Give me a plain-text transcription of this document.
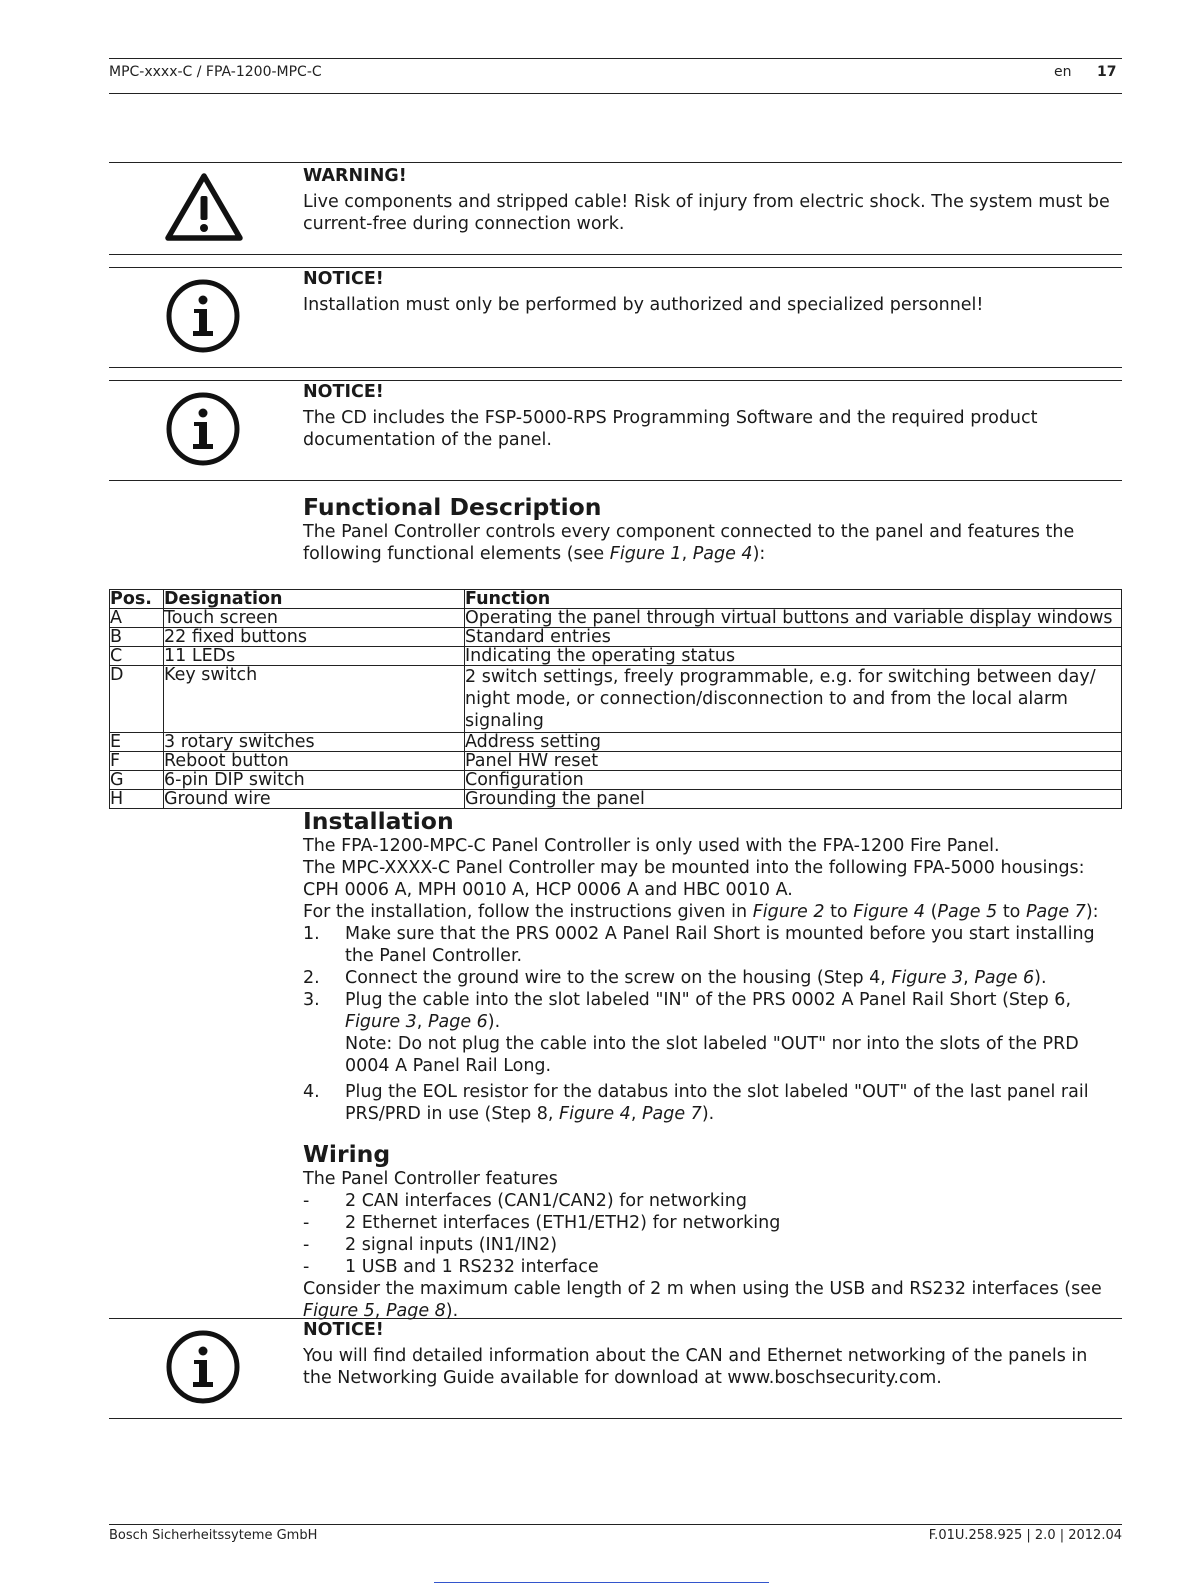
MPC-xxxx-C / FPA-1200-MPC-C	en 17
WARNING!
Live components and stripped cable! Risk of injury from electric shock. The system must be current-free during connection work.
NOTICE!
Installation must only be performed by authorized and specialized personnel!
NOTICE!
The CD includes the FSP-5000-RPS Programming Software and the required product documentation of the panel.
Functional Description
The Panel Controller controls every component connected to the panel and features the following functional elements (see Figure 1, Page 4):
Pos.	Designation	Function
A	Touch screen	Operating the panel through virtual buttons and variable display windows
B	22 fixed buttons	Standard entries
C	11 LEDs	Indicating the operating status
D	Key switch	2 switch settings, freely programmable, e.g. for switching between day/ night mode, or connection/disconnection to and from the local alarm signaling
E	3 rotary switches	Address setting
F	Reboot button	Panel HW reset
G	6-pin DIP switch	Configuration
H	Ground wire	Grounding the panel
Installation
The FPA-1200-MPC-C Panel Controller is only used with the FPA-1200 Fire Panel.
The MPC-XXXX-C Panel Controller may be mounted into the following FPA-5000 housings: CPH 0006 A, MPH 0010 A, HCP 0006 A and HBC 0010 A.
For the installation, follow the instructions given in Figure 2 to Figure 4 (Page 5 to Page 7):
1. Make sure that the PRS 0002 A Panel Rail Short is mounted before you start installing the Panel Controller.
2. Connect the ground wire to the screw on the housing (Step 4, Figure 3, Page 6).
3. Plug the cable into the slot labeled "IN" of the PRS 0002 A Panel Rail Short (Step 6, Figure 3, Page 6).
Note: Do not plug the cable into the slot labeled "OUT" nor into the slots of the PRD 0004 A Panel Rail Long.
4. Plug the EOL resistor for the databus into the slot labeled "OUT" of the last panel rail PRS/PRD in use (Step 8, Figure 4, Page 7).
Wiring
The Panel Controller features
- 2 CAN interfaces (CAN1/CAN2) for networking
- 2 Ethernet interfaces (ETH1/ETH2) for networking
- 2 signal inputs (IN1/IN2)
- 1 USB and 1 RS232 interface
Consider the maximum cable length of 2 m when using the USB and RS232 interfaces (see Figure 5, Page 8).
NOTICE!
You will find detailed information about the CAN and Ethernet networking of the panels in the Networking Guide available for download at www.boschsecurity.com.
Bosch Sicherheitssyteme GmbH	F.01U.258.925 | 2.0 | 2012.04
